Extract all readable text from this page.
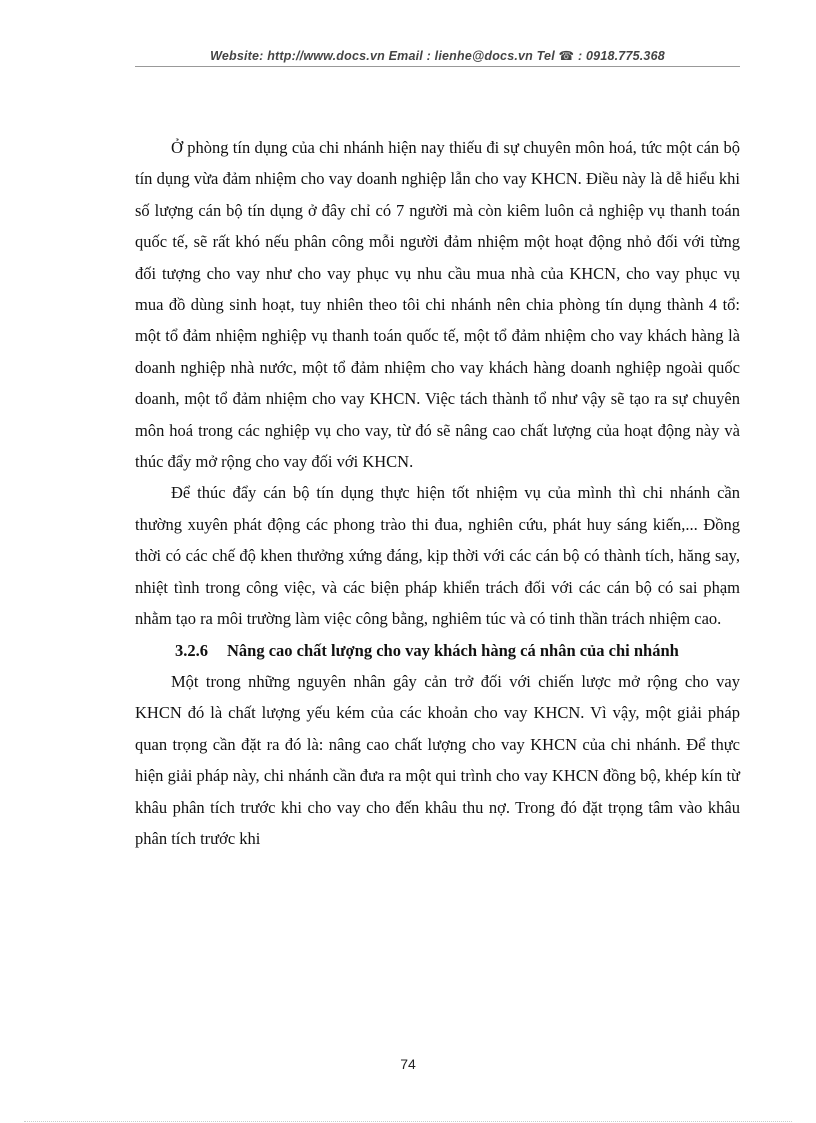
Website: http://www.docs.vn Email : lienhe@docs.vn Tel ☎ : 0918.775.368

Ở phòng tín dụng của chi nhánh hiện nay thiếu đi sự chuyên môn hoá, tức một cán bộ tín dụng vừa đảm nhiệm cho vay doanh nghiệp lẫn cho vay KHCN. Điều này là dễ hiểu khi số lượng cán bộ tín dụng ở đây chỉ có 7 người mà còn kiêm luôn cả nghiệp vụ thanh toán quốc tế, sẽ rất khó nếu phân công mỗi người đảm nhiệm một hoạt động nhỏ đối với từng đối tượng cho vay như cho vay phục vụ nhu cầu mua nhà của KHCN, cho vay phục vụ mua đồ dùng sinh hoạt, tuy nhiên theo tôi chi nhánh nên chia phòng tín dụng thành 4 tổ: một tổ đảm nhiệm nghiệp vụ thanh toán quốc tế, một tổ đảm nhiệm cho vay khách hàng là doanh nghiệp nhà nước, một tổ đảm nhiệm cho vay khách hàng doanh nghiệp ngoài quốc doanh, một tổ đảm nhiệm cho vay KHCN. Việc tách thành tổ như vậy sẽ tạo ra sự chuyên môn hoá trong các nghiệp vụ cho vay, từ đó sẽ nâng cao chất lượng của hoạt động này và thúc đẩy mở rộng cho vay đối với KHCN.

Để thúc đẩy cán bộ tín dụng thực hiện tốt nhiệm vụ của mình thì chi nhánh cần thường xuyên phát động các phong trào thi đua, nghiên cứu, phát huy sáng kiến,... Đồng thời có các chế độ khen thưởng xứng đáng, kịp thời với các cán bộ có thành tích, hăng say, nhiệt tình trong công việc, và các biện pháp khiển trách đối với các cán bộ có sai phạm nhằm tạo ra môi trường làm việc công bằng, nghiêm túc và có tinh thần trách nhiệm cao.

3.2.6	Nâng cao chất lượng cho vay khách hàng cá nhân của chi nhánh

Một trong những nguyên nhân gây cản trở đối với chiến lược mở rộng cho vay KHCN đó là chất lượng yếu kém của các khoản cho vay KHCN. Vì vậy, một giải pháp quan trọng cần đặt ra đó là: nâng cao chất lượng cho vay KHCN của chi nhánh. Để thực hiện giải pháp này, chi nhánh cần đưa ra một qui trình cho vay KHCN đồng bộ, khép kín từ khâu phân tích trước khi cho vay cho đến khâu thu nợ. Trong đó đặt trọng tâm vào khâu phân tích trước khi

74
